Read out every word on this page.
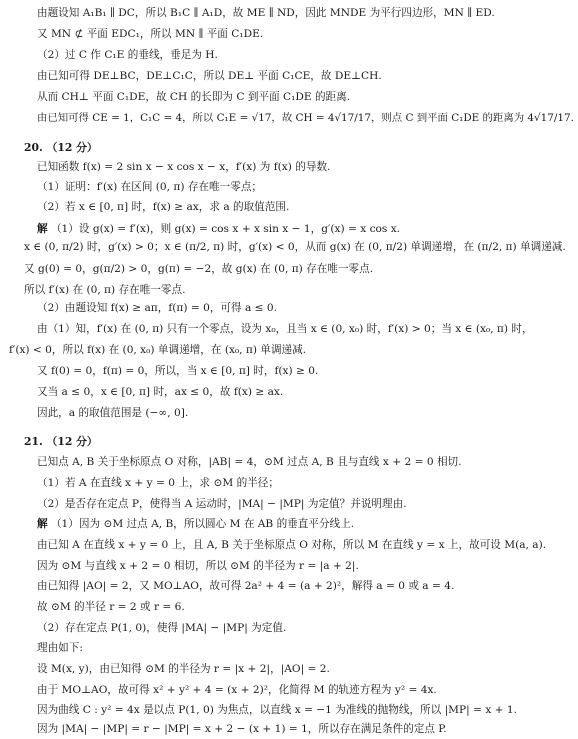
由题设知 A₁B₁ ∥ DC，所以 B₁C ∥ A₁D，故 ME ∥ ND，因此 MNDE 为平行四边形，MN ∥ ED.
又 MN ⊄ 平面 EDC₁，所以 MN ∥ 平面 C₁DE.
（2）过 C 作 C₁E 的垂线，垂足为 H.
由已知可得 DE⊥BC，DE⊥C₁C，所以 DE⊥ 平面 C₁CE，故 DE⊥CH.
从而 CH⊥ 平面 C₁DE，故 CH 的长即为 C 到平面 C₁DE 的距离.
由已知可得 CE = 1，C₁C = 4，所以 C₁E = √17，故 CH = 4√17/17，则点 C 到平面 C₁DE 的距离为 4√17/17.
20. （12 分）
已知函数 f(x) = 2 sin x − x cos x − x，f′(x) 为 f(x) 的导数.
（1）证明：f′(x) 在区间 (0, π) 存在唯一零点；
（2）若 x ∈ [0, π] 时，f(x) ≥ ax，求 a 的取值范围.
解 （1）设 g(x) = f′(x)，则 g(x) = cos x + x sin x − 1，g′(x) = x cos x.
x ∈ (0, π/2) 时，g′(x) > 0；x ∈ (π/2, π) 时，g′(x) < 0，从而 g(x) 在 (0, π/2) 单调递增，在 (π/2, π) 单调递减.
又 g(0) = 0，g(π/2) > 0，g(π) = −2，故 g(x) 在 (0, π) 存在唯一零点.
所以 f′(x) 在 (0, π) 存在唯一零点.
（2）由题设知 f(x) ≥ aπ，f(π) = 0，可得 a ≤ 0.
由（1）知，f′(x) 在 (0, π) 只有一个零点，设为 x₀，且当 x ∈ (0, x₀) 时，f′(x) > 0；当 x ∈ (x₀, π) 时，
f′(x) < 0，所以 f(x) 在 (0, x₀) 单调递增，在 (x₀, π) 单调递减.
又 f(0) = 0，f(π) = 0，所以，当 x ∈ [0, π] 时，f(x) ≥ 0.
又当 a ≤ 0，x ∈ [0, π] 时，ax ≤ 0，故 f(x) ≥ ax.
因此，a 的取值范围是 (−∞, 0].
21. （12 分）
已知点 A, B 关于坐标原点 O 对称，|AB| = 4，⊙M 过点 A, B 且与直线 x + 2 = 0 相切.
（1）若 A 在直线 x + y = 0 上，求 ⊙M 的半径；
（2）是否存在定点 P，使得当 A 运动时，|MA| − |MP| 为定值？并说明理由.
解 （1）因为 ⊙M 过点 A, B，所以圆心 M 在 AB 的垂直平分线上.
由已知 A 在直线 x + y = 0 上，且 A, B 关于坐标原点 O 对称，所以 M 在直线 y = x 上，故可设 M(a, a).
因为 ⊙M 与直线 x + 2 = 0 相切，所以 ⊙M 的半径为 r = |a + 2|.
由已知得 |AO| = 2，又 MO⊥AO，故可得 2a² + 4 = (a + 2)²，解得 a = 0 或 a = 4.
故 ⊙M 的半径 r = 2 或 r = 6.
（2）存在定点 P(1, 0)，使得 |MA| − |MP| 为定值.
理由如下:
设 M(x, y)，由已知得 ⊙M 的半径为 r = |x + 2|，|AO| = 2.
由于 MO⊥AO，故可得 x² + y² + 4 = (x + 2)²，化简得 M 的轨迹方程为 y² = 4x.
因为曲线 C : y² = 4x 是以点 P(1, 0) 为焦点，以直线 x = −1 为准线的抛物线，所以 |MP| = x + 1.
因为 |MA| − |MP| = r − |MP| = x + 2 − (x + 1) = 1，所以存在满足条件的定点 P.
